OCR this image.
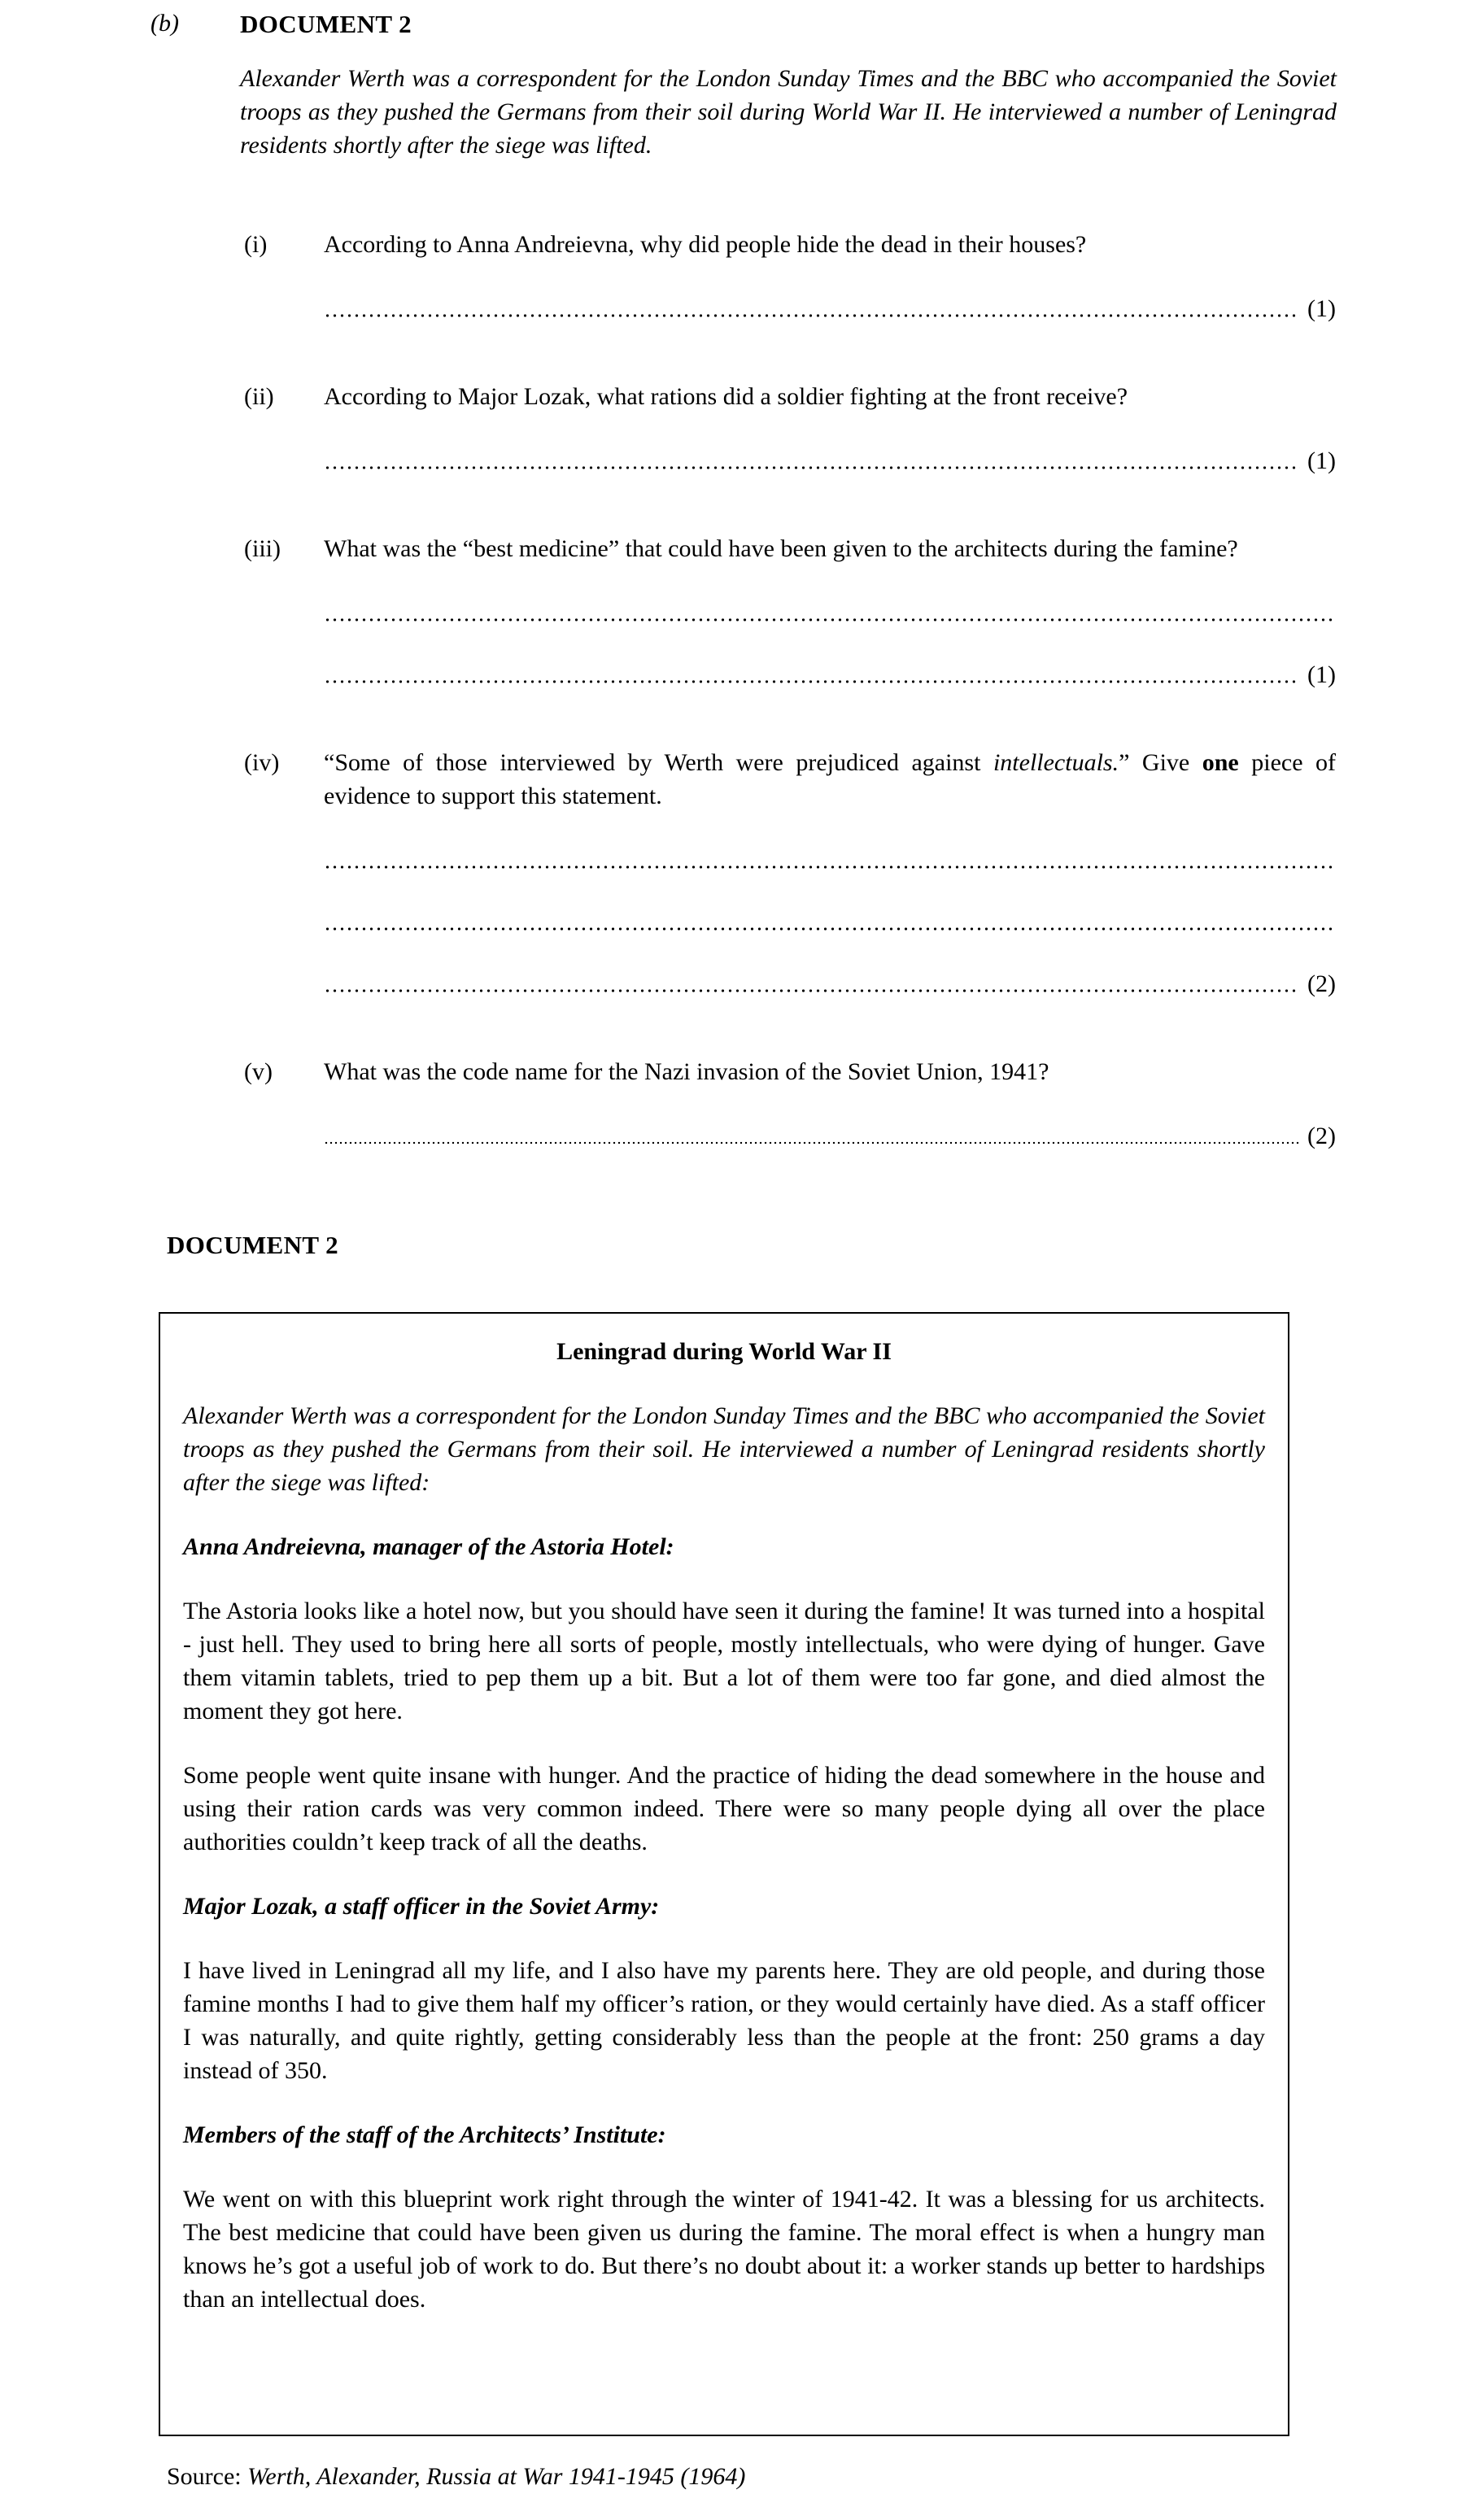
(b)	DOCUMENT 2
Alexander Werth was a correspondent for the London Sunday Times and the BBC who accompanied the Soviet troops as they pushed the Germans from their soil during World War II. He interviewed a number of Leningrad residents shortly after the siege was lifted.
(i)	According to Anna Andreievna, why did people hide the dead in their houses?
(1)
(ii)	According to Major Lozak, what rations did a soldier fighting at the front receive?
(1)
(iii)	What was the “best medicine” that could have been given to the architects during the famine?
(1)
(iv)	“Some of those interviewed by Werth were prejudiced against intellectuals.” Give one piece of evidence to support this statement.
(2)
(v)	What was the code name for the Nazi invasion of the Soviet Union, 1941?
(2)
DOCUMENT 2
Leningrad during World War II
Alexander Werth was a correspondent for the London Sunday Times and the BBC who accompanied the Soviet troops as they pushed the Germans from their soil. He interviewed a number of Leningrad residents shortly after the siege was lifted:
Anna Andreievna, manager of the Astoria Hotel:
The Astoria looks like a hotel now, but you should have seen it during the famine! It was turned into a hospital - just hell. They used to bring here all sorts of people, mostly intellectuals, who were dying of hunger. Gave them vitamin tablets, tried to pep them up a bit. But a lot of them were too far gone, and died almost the moment they got here.
Some people went quite insane with hunger. And the practice of hiding the dead somewhere in the house and using their ration cards was very common indeed. There were so many people dying all over the place authorities couldn’t keep track of all the deaths.
Major Lozak, a staff officer in the Soviet Army:
I have lived in Leningrad all my life, and I also have my parents here. They are old people, and during those famine months I had to give them half my officer’s ration, or they would certainly have died. As a staff officer I was naturally, and quite rightly, getting considerably less than the people at the front: 250 grams a day instead of 350.
Members of the staff of the Architects’ Institute:
We went on with this blueprint work right through the winter of 1941-42. It was a blessing for us architects. The best medicine that could have been given us during the famine. The moral effect is when a hungry man knows he’s got a useful job of work to do. But there’s no doubt about it: a worker stands up better to hardships than an intellectual does.
Source: Werth, Alexander, Russia at War 1941-1945 (1964)
